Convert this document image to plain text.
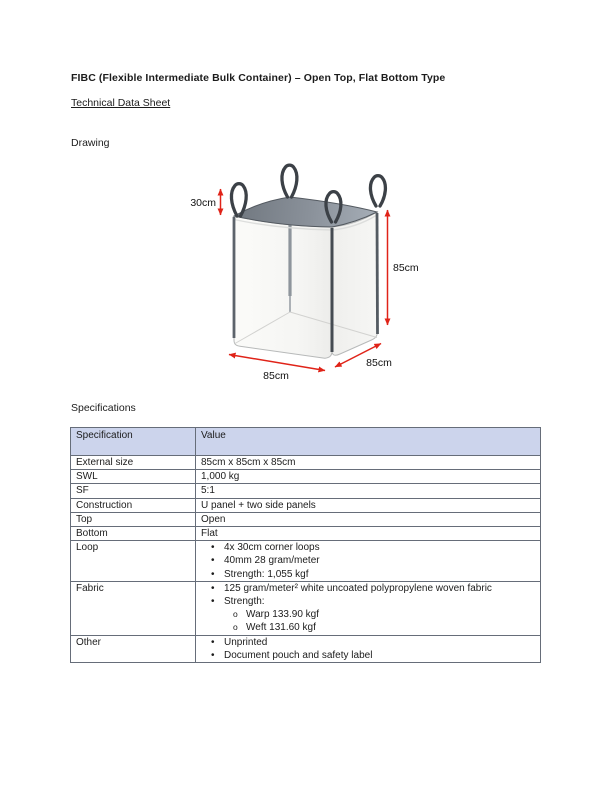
FIBC (Flexible Intermediate Bulk Container) – Open Top, Flat Bottom Type
Technical Data Sheet
Drawing
30cm
85cm
85cm
85cm
Specifications
Specification	Value

External size	85cm x 85cm x 85cm

SWL	1,000 kg

SF	5:1

Construction	U panel + two side panels

Top	Open

Bottom	Flat

Loop	• 4x 30cm corner loops
• 40mm 28 gram/meter
• Strength: 1,055 kgf

Fabric	• 125 gram/meter² white uncoated polypropylene woven fabric
• Strength:
o Warp 133.90 kgf
o Weft 131.60 kgf

Other	• Unprinted
• Document pouch and safety label
